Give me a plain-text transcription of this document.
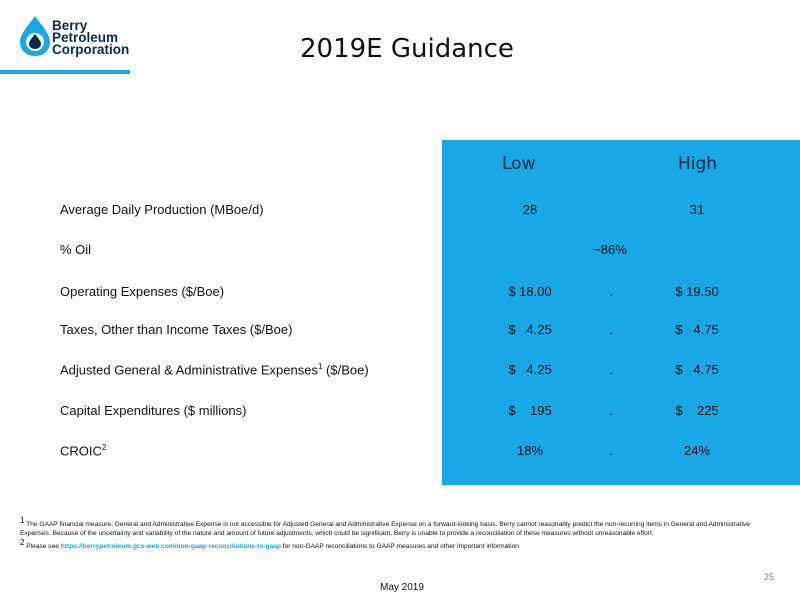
Berry
Petroleum
Corporation	2019E Guidance
Low	High
Average Daily Production (MBoe/d)	28	31
% Oil	~86%
Operating Expenses ($/Boe)	$ 18.00	.	$ 19.50
Taxes, Other than Income Taxes ($/Boe)	$   4.25	.	$   4.75
Adjusted General & Administrative Expenses$^1$ ($/Boe)	$   4.25	.	$   4.75
Capital Expenditures ($ millions)	$    195	.	$    225
CROIC$^2$	18%	.	24%
1 The GAAP financial measure, General and Administrative Expense is not accessible for Adjusted General and Administrative Expense on a forward-looking basis. Berry cannot reasonably predict the non-recurring items in General and Administrative Expenses. Because of the uncertainty and variability of the nature and amount of future adjustments, which could be significant, Berry is unable to provide a reconciliation of these measures without unreasonable effort.
2 Please see https://berrypetroleum.gcs-web.com/non-gaap-reconciliations-to-gaap for non-GAAP reconciliations to GAAP measures and other important information
25
May 2019
